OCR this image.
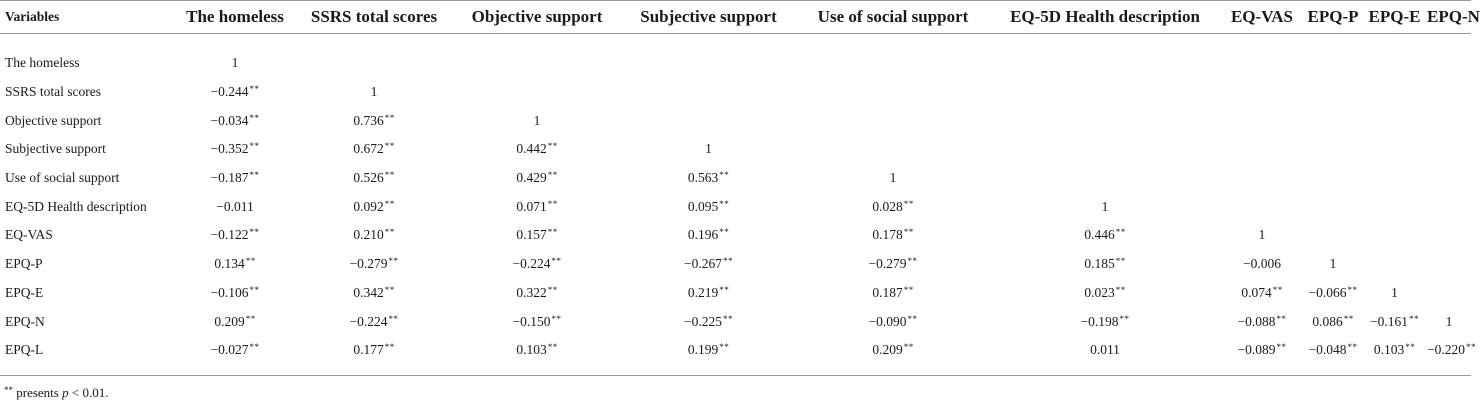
Variables	The homeless	SSRS total scores	Objective support	Subjective support	Use of social support	EQ-5D Health description	EQ-VAS	EPQ-P	EPQ-E	EPQ-N

The homeless	1									
SSRS total scores	−0.244**	1								
Objective support	−0.034**	0.736**	1							
Subjective support	−0.352**	0.672**	0.442**	1						
Use of social support	−0.187**	0.526**	0.429**	0.563**	1					
EQ-5D Health description	−0.011	0.092**	0.071**	0.095**	0.028**	1				
EQ-VAS	−0.122**	0.210**	0.157**	0.196**	0.178**	0.446**	1			
EPQ-P	0.134**	−0.279**	−0.224**	−0.267**	−0.279**	0.185**	−0.006	1		
EPQ-E	−0.106**	0.342**	0.322**	0.219**	0.187**	0.023**	0.074**	−0.066**	1	
EPQ-N	0.209**	−0.224**	−0.150**	−0.225**	−0.090**	−0.198**	−0.088**	0.086**	−0.161**	1
EPQ-L	−0.027**	0.177**	0.103**	0.199**	0.209**	0.011	−0.089**	−0.048**	0.103**	−0.220**
** presents p < 0.01.
